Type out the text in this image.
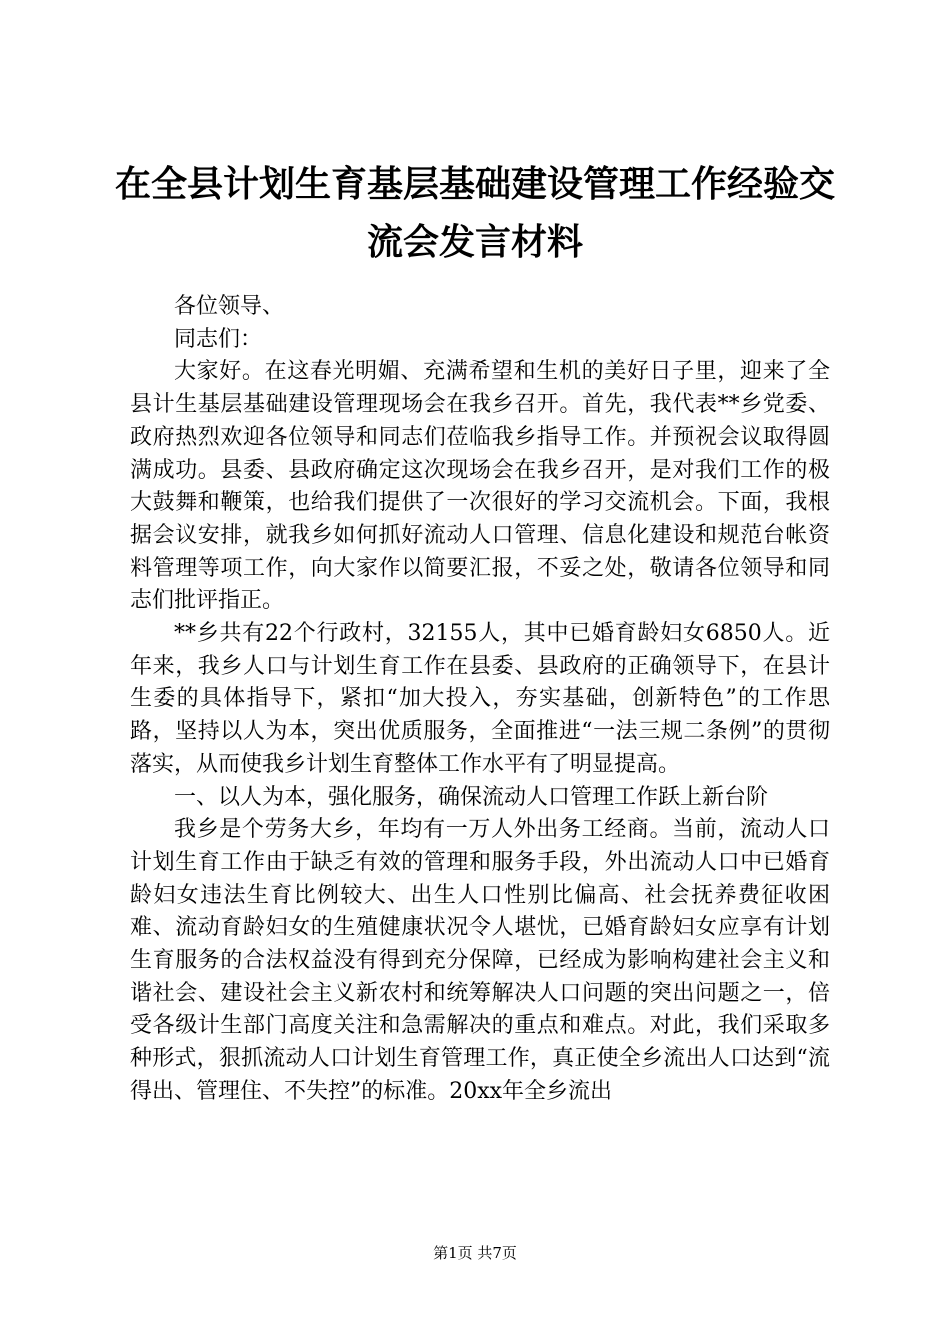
在全县计划生育基层基础建设管理工作经验交
流会发言材料

各位领导、

同志们：

大家好。在这春光明媚、充满希望和生机的美好日子里，迎来了全县计生基层基础建设管理现场会在我乡召开。首先，我代表**乡党委、政府热烈欢迎各位领导和同志们莅临我乡指导工作。并预祝会议取得圆满成功。县委、县政府确定这次现场会在我乡召开，是对我们工作的极大鼓舞和鞭策，也给我们提供了一次很好的学习交流机会。下面，我根据会议安排，就我乡如何抓好流动人口管理、信息化建设和规范台帐资料管理等项工作，向大家作以简要汇报，不妥之处，敬请各位领导和同志们批评指正。

**乡共有22个行政村，32155人，其中已婚育龄妇女6850人。近年来，我乡人口与计划生育工作在县委、县政府的正确领导下，在县计生委的具体指导下，紧扣“加大投入，夯实基础，创新特色”的工作思路，坚持以人为本，突出优质服务，全面推进“一法三规二条例”的贯彻落实，从而使我乡计划生育整体工作水平有了明显提高。

一、以人为本，强化服务，确保流动人口管理工作跃上新台阶

我乡是个劳务大乡，年均有一万人外出务工经商。当前，流动人口计划生育工作由于缺乏有效的管理和服务手段，外出流动人口中已婚育龄妇女违法生育比例较大、出生人口性别比偏高、社会抚养费征收困难、流动育龄妇女的生殖健康状况令人堪忧，已婚育龄妇女应享有计划生育服务的合法权益没有得到充分保障，已经成为影响构建社会主义和谐社会、建设社会主义新农村和统筹解决人口问题的突出问题之一，倍受各级计生部门高度关注和急需解决的重点和难点。对此，我们采取多种形式，狠抓流动人口计划生育管理工作，真正使全乡流出人口达到“流得出、管理住、不失控”的标准。20xx年全乡流出

第1页 共7页
